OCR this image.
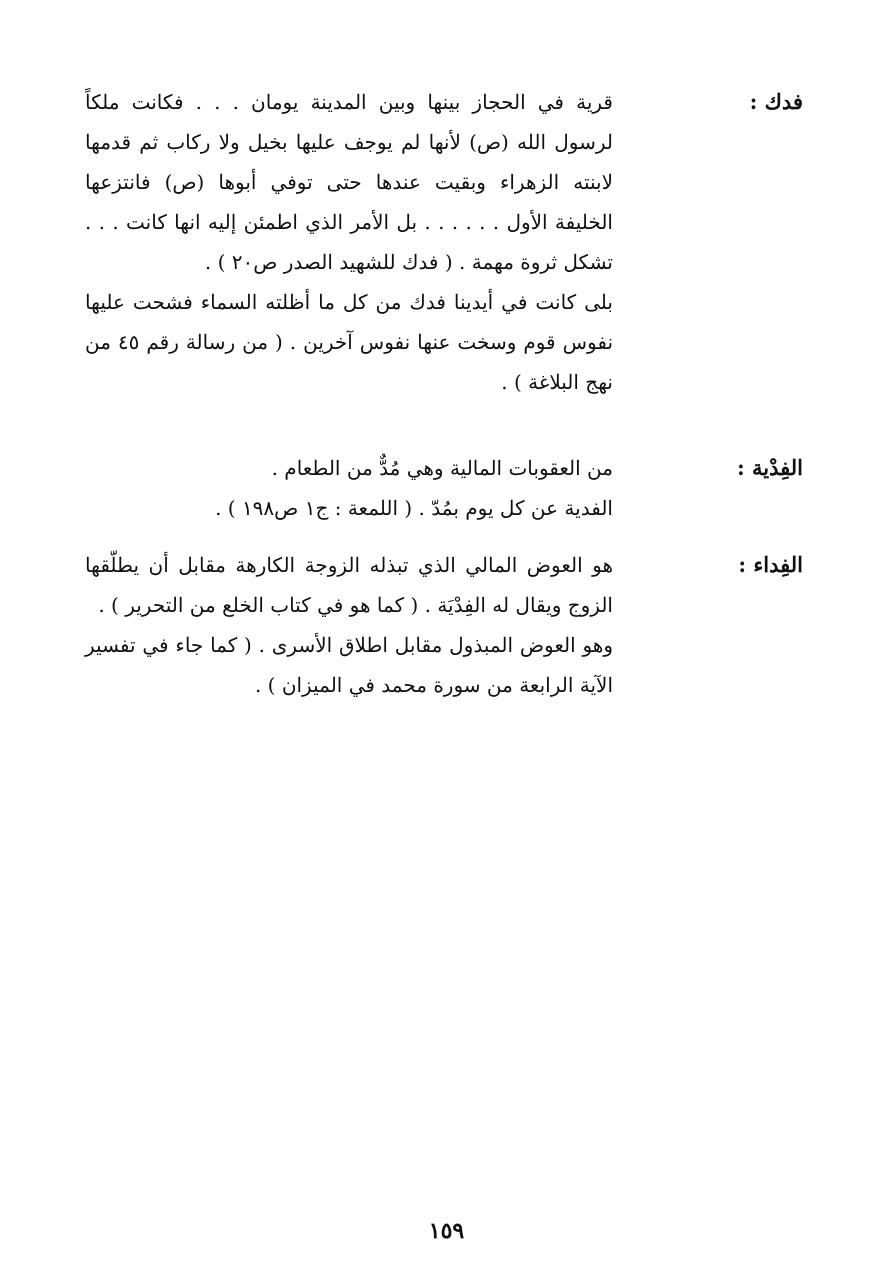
فدك :

قرية في الحجاز بينها وبين المدينة يومان . . . فكانت ملكاً لرسول الله (ص) لأنها لم يوجف عليها بخيل ولا ركاب ثم قدمها لابنته الزهراء وبقيت عندها حتى توفي أبوها (ص) فانتزعها الخليفة الأول . . . . . . بل الأمر الذي اطمئن إليه انها كانت . . . تشكل ثروة مهمة . ( فدك للشهيد الصدر ص٢٠ ) .

بلى كانت في أيدينا فدك من كل ما أظلته السماء فشحت عليها نفوس قوم وسخت عنها نفوس آخرين . ( من رسالة رقم ٤٥ من نهج البلاغة ) .

الفِدْية :

من العقوبات المالية وهي مُدٌّ من الطعام .

الفدية عن كل يوم بمُدّ . ( اللمعة : ج١ ص١٩٨ ) .

الفِداء :

هو العوض المالي الذي تبذله الزوجة الكارهة مقابل أن يطلّقها الزوج ويقال له الفِدْيَة . ( كما هو في كتاب الخلع من التحرير ) .

وهو العوض المبذول مقابل اطلاق الأسرى . ( كما جاء في تفسير الآية الرابعة من سورة محمد في الميزان ) .

١٥٩
